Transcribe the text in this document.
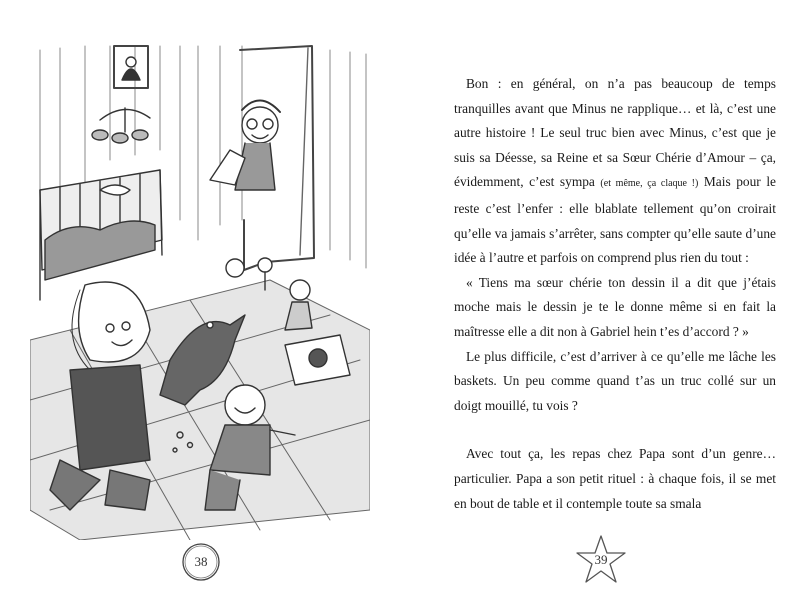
38

Bon : en général, on n’a pas beaucoup de temps tranquilles avant que Minus ne rapplique… et là, c’est une autre histoire ! Le seul truc bien avec Minus, c’est que je suis sa Déesse, sa Reine et sa Sœur Chérie d’Amour – ça, évidemment, c’est sympa (et même, ça claque !) Mais pour le reste c’est l’enfer : elle blablate tellement qu’on croirait qu’elle va jamais s’arrêter, sans compter qu’elle saute d’une idée à l’autre et parfois on comprend plus rien du tout :

« Tiens ma sœur chérie ton dessin il a dit que j’étais moche mais le dessin je te le donne même si en fait la maîtresse elle a dit non à Gabriel hein t’es d’accord ? »

Le plus difficile, c’est d’arriver à ce qu’elle me lâche les baskets. Un peu comme quand t’as un truc collé sur un doigt mouillé, tu vois ?

Avec tout ça, les repas chez Papa sont d’un genre… particulier. Papa a son petit rituel : à chaque fois, il se met en bout de table et il contemple toute sa smala

39
